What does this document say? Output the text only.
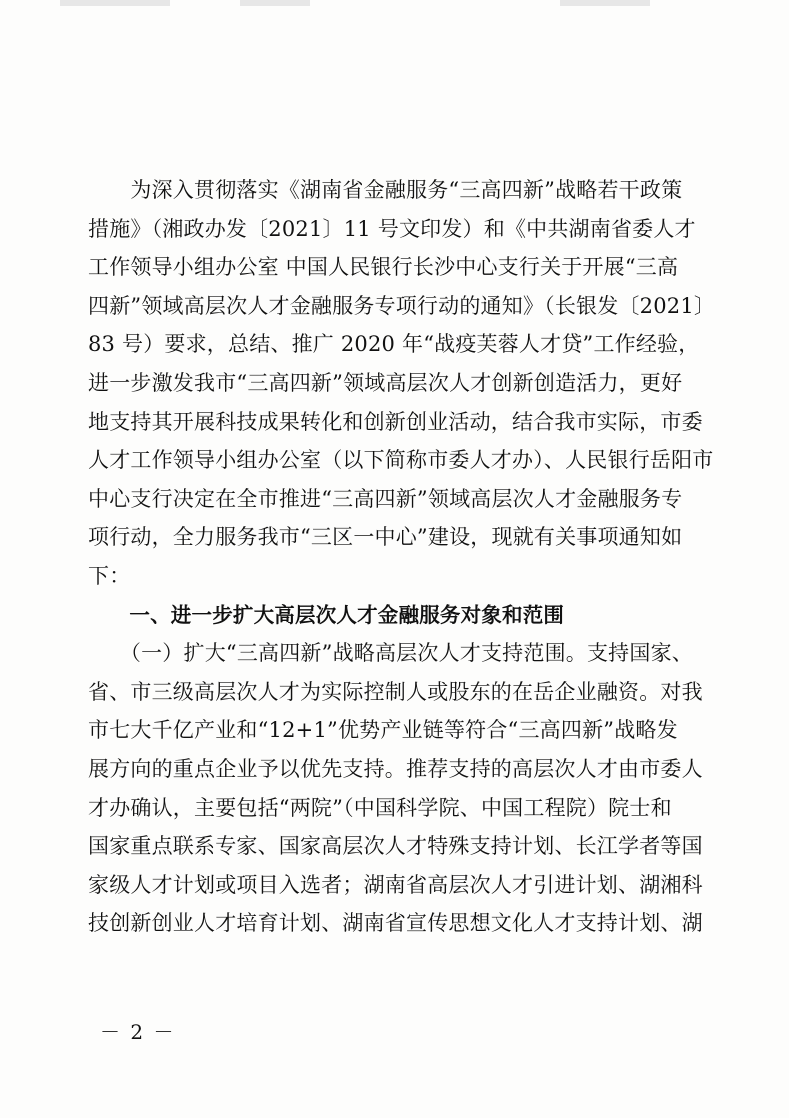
　　为深入贯彻落实《湖南省金融服务“三高四新”战略若干政策
措施》（湘政办发〔2021〕11 号文印发）和《中共湖南省委人才
工作领导小组办公室 中国人民银行长沙中心支行关于开展“三高
四新”领域高层次人才金融服务专项行动的通知》（长银发〔2021〕
83 号）要求，总结、推广 2020 年“战疫芙蓉人才贷”工作经验，
进一步激发我市“三高四新”领域高层次人才创新创造活力，更好
地支持其开展科技成果转化和创新创业活动，结合我市实际，市委
人才工作领导小组办公室（以下简称市委人才办）、人民银行岳阳市
中心支行决定在全市推进“三高四新”领域高层次人才金融服务专
项行动，全力服务我市“三区一中心”建设，现就有关事项通知如
下：
　　一、进一步扩大高层次人才金融服务对象和范围
　　（一）扩大“三高四新”战略高层次人才支持范围。支持国家、
省、市三级高层次人才为实际控制人或股东的在岳企业融资。对我
市七大千亿产业和“12+1”优势产业链等符合“三高四新”战略发
展方向的重点企业予以优先支持。推荐支持的高层次人才由市委人
才办确认，主要包括“两院”（中国科学院、中国工程院）院士和
国家重点联系专家、国家高层次人才特殊支持计划、长江学者等国
家级人才计划或项目入选者；湖南省高层次人才引进计划、湖湘科
技创新创业人才培育计划、湖南省宣传思想文化人才支持计划、湖
－ 2 －
